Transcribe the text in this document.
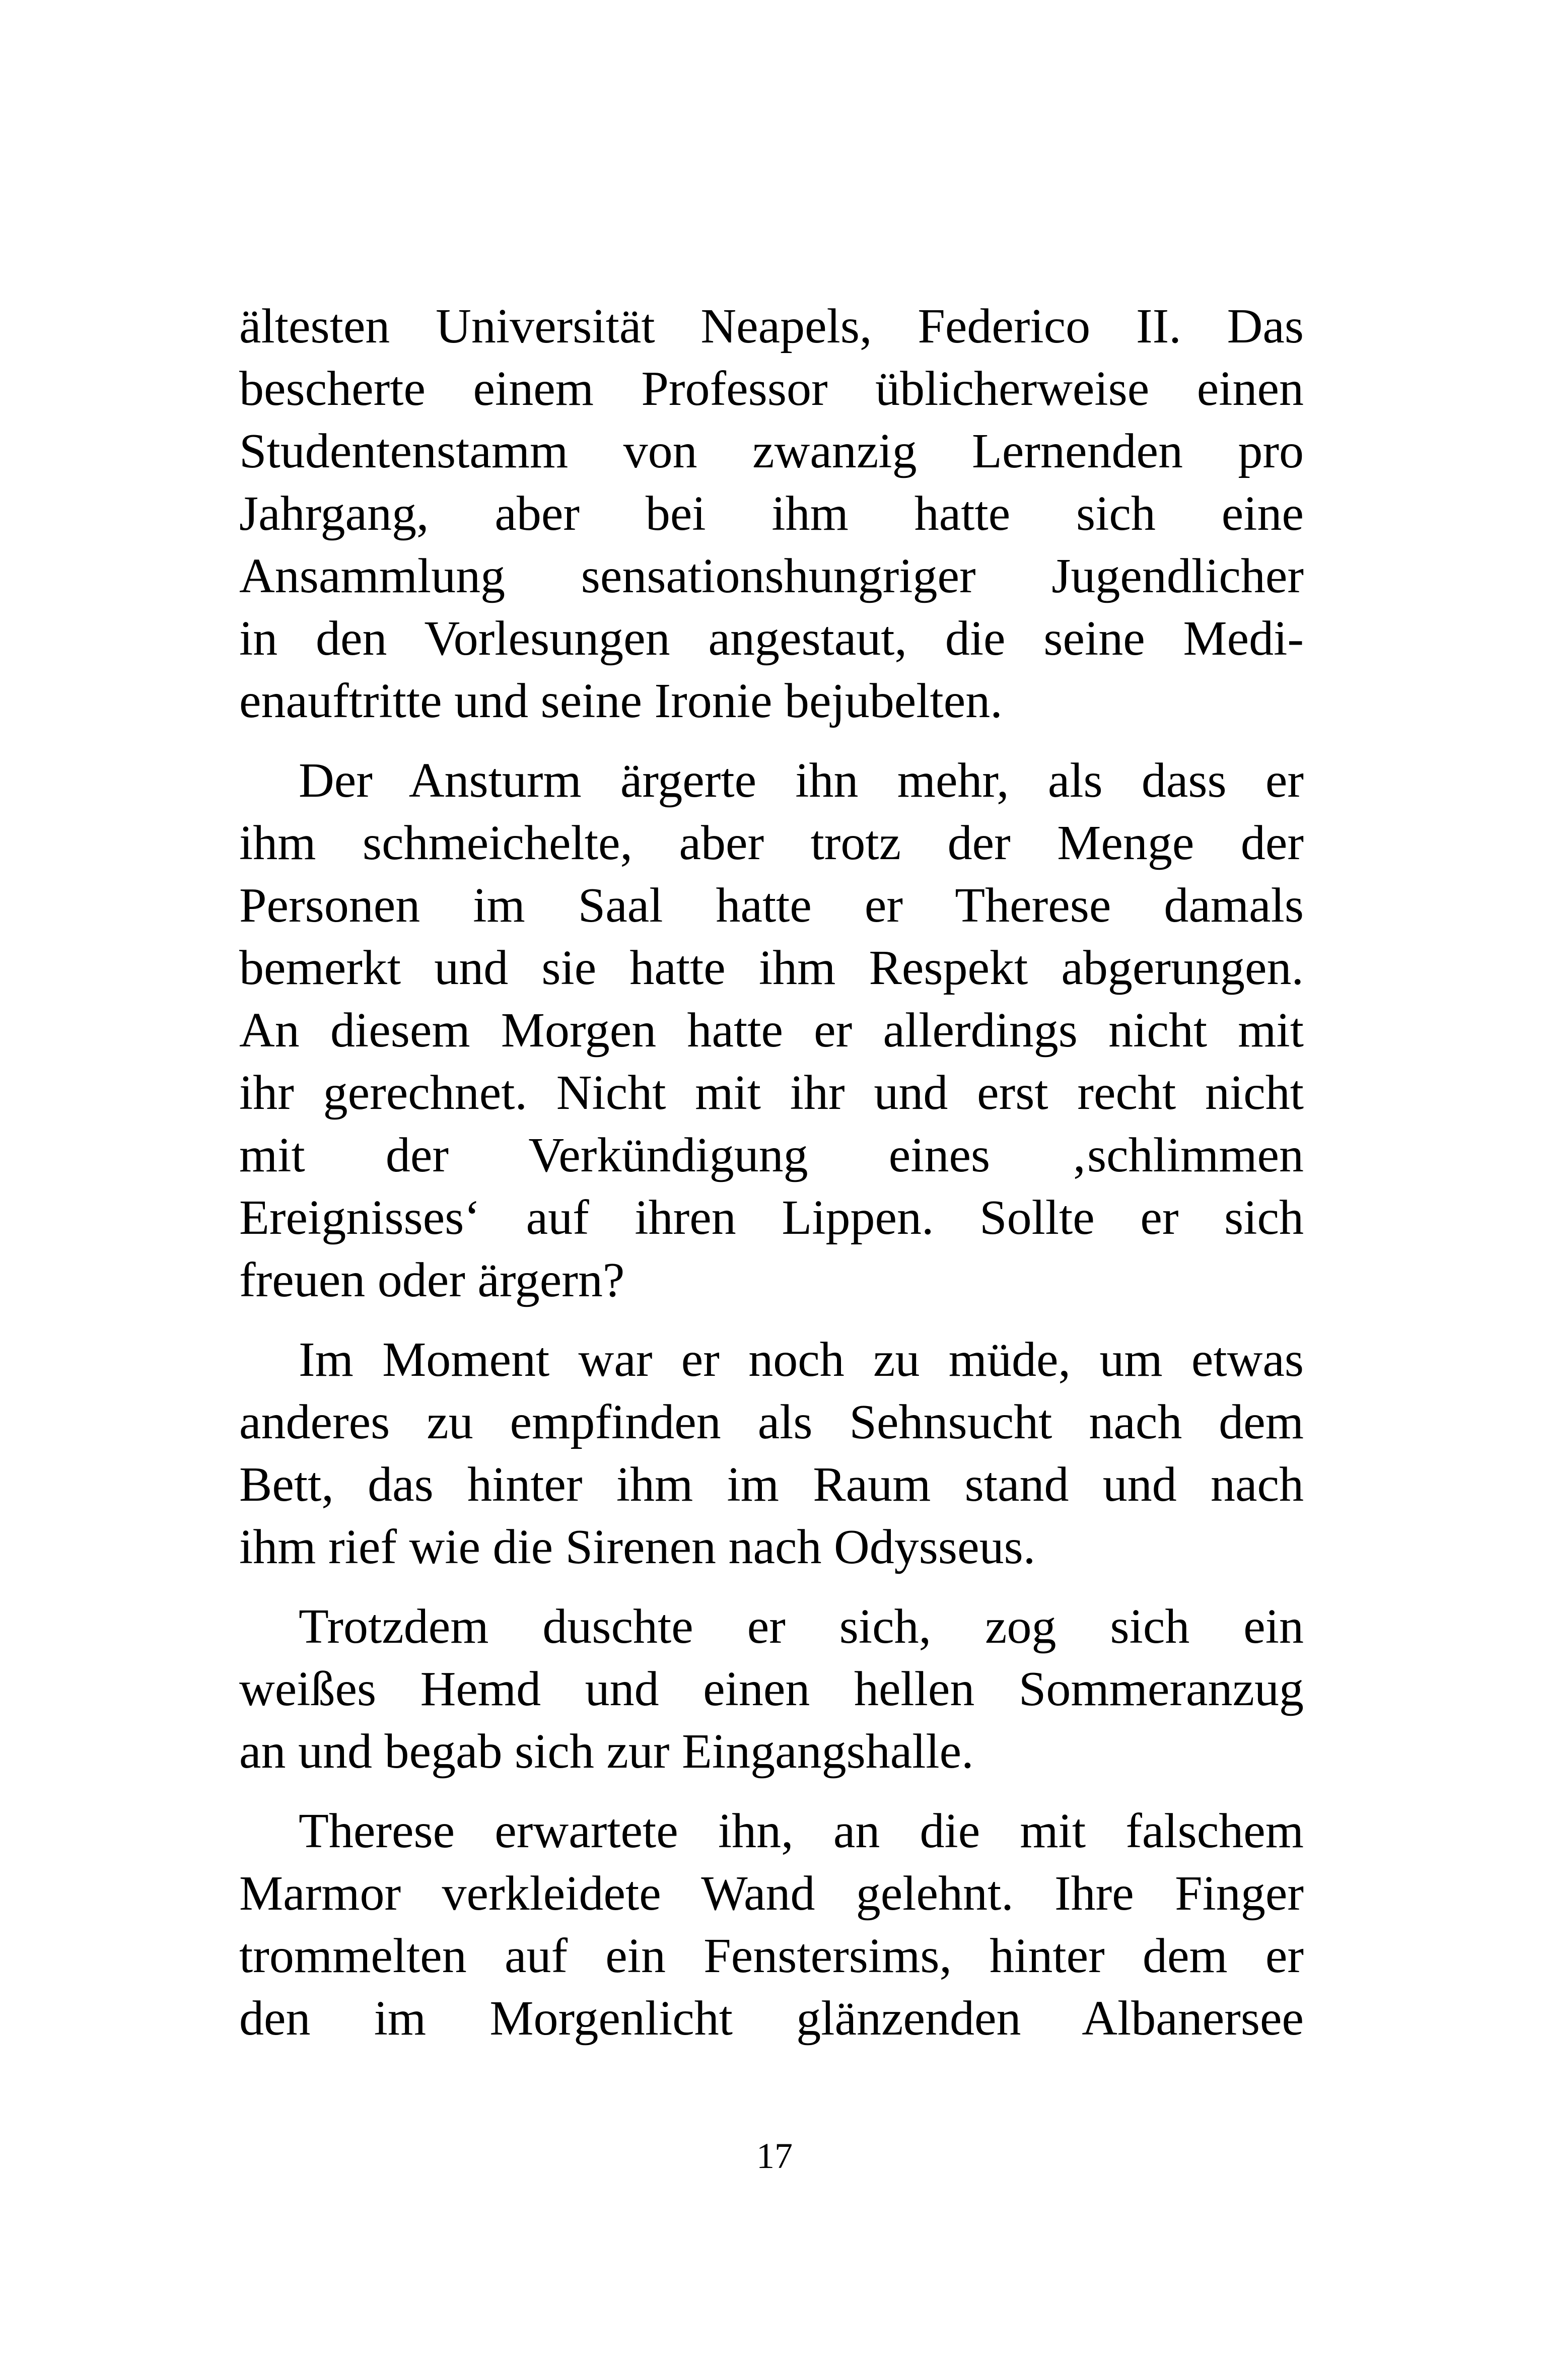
ältesten Universität Neapels, Federico II. Das
bescherte einem Professor üblicherweise einen
Studentenstamm von zwanzig Lernenden pro
Jahrgang, aber bei ihm hatte sich eine
Ansammlung sensationshungriger Jugendlicher
in den Vorlesungen angestaut, die seine Medi-
enauftritte und seine Ironie bejubelten.
Der Ansturm ärgerte ihn mehr, als dass er
ihm schmeichelte, aber trotz der Menge der
Personen im Saal hatte er Therese damals
bemerkt und sie hatte ihm Respekt abgerungen.
An diesem Morgen hatte er allerdings nicht mit
ihr gerechnet. Nicht mit ihr und erst recht nicht
mit der Verkündigung eines ‚schlimmen
Ereignisses‘ auf ihren Lippen. Sollte er sich
freuen oder ärgern?
Im Moment war er noch zu müde, um etwas
anderes zu empfinden als Sehnsucht nach dem
Bett, das hinter ihm im Raum stand und nach
ihm rief wie die Sirenen nach Odysseus.
Trotzdem duschte er sich, zog sich ein
weißes Hemd und einen hellen Sommeranzug
an und begab sich zur Eingangshalle.
Therese erwartete ihn, an die mit falschem
Marmor verkleidete Wand gelehnt. Ihre Finger
trommelten auf ein Fenstersims, hinter dem er
den im Morgenlicht glänzenden Albanersee
17
